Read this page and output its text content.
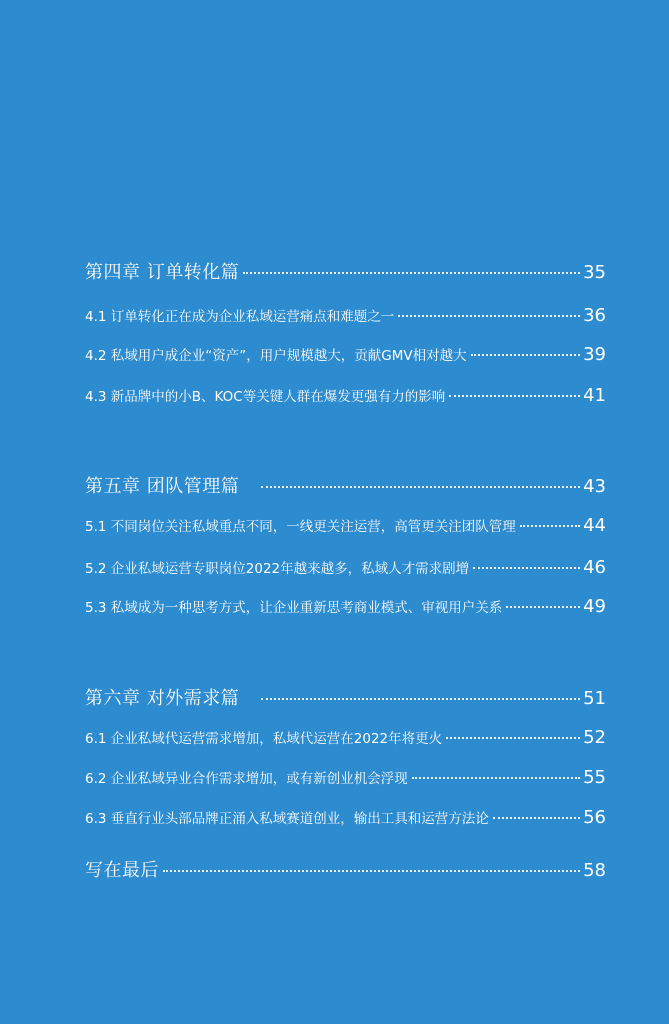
第四章 订单转化篇	35
4.1 订单转化正在成为企业私域运营痛点和难题之一	36
4.2 私域用户成企业“资产”，用户规模越大，贡献GMV相对越大	39
4.3 新品牌中的小B、KOC等关键人群在爆发更强有力的影响	41
第五章 团队管理篇	43
5.1 不同岗位关注私域重点不同，一线更关注运营，高管更关注团队管理	44
5.2 企业私域运营专职岗位2022年越来越多，私域人才需求剧增	46
5.3 私域成为一种思考方式，让企业重新思考商业模式、审视用户关系	49
第六章 对外需求篇	51
6.1 企业私域代运营需求增加，私域代运营在2022年将更火	52
6.2 企业私域异业合作需求增加，或有新创业机会浮现	55
6.3 垂直行业头部品牌正涌入私域赛道创业，输出工具和运营方法论	56
写在最后	58
